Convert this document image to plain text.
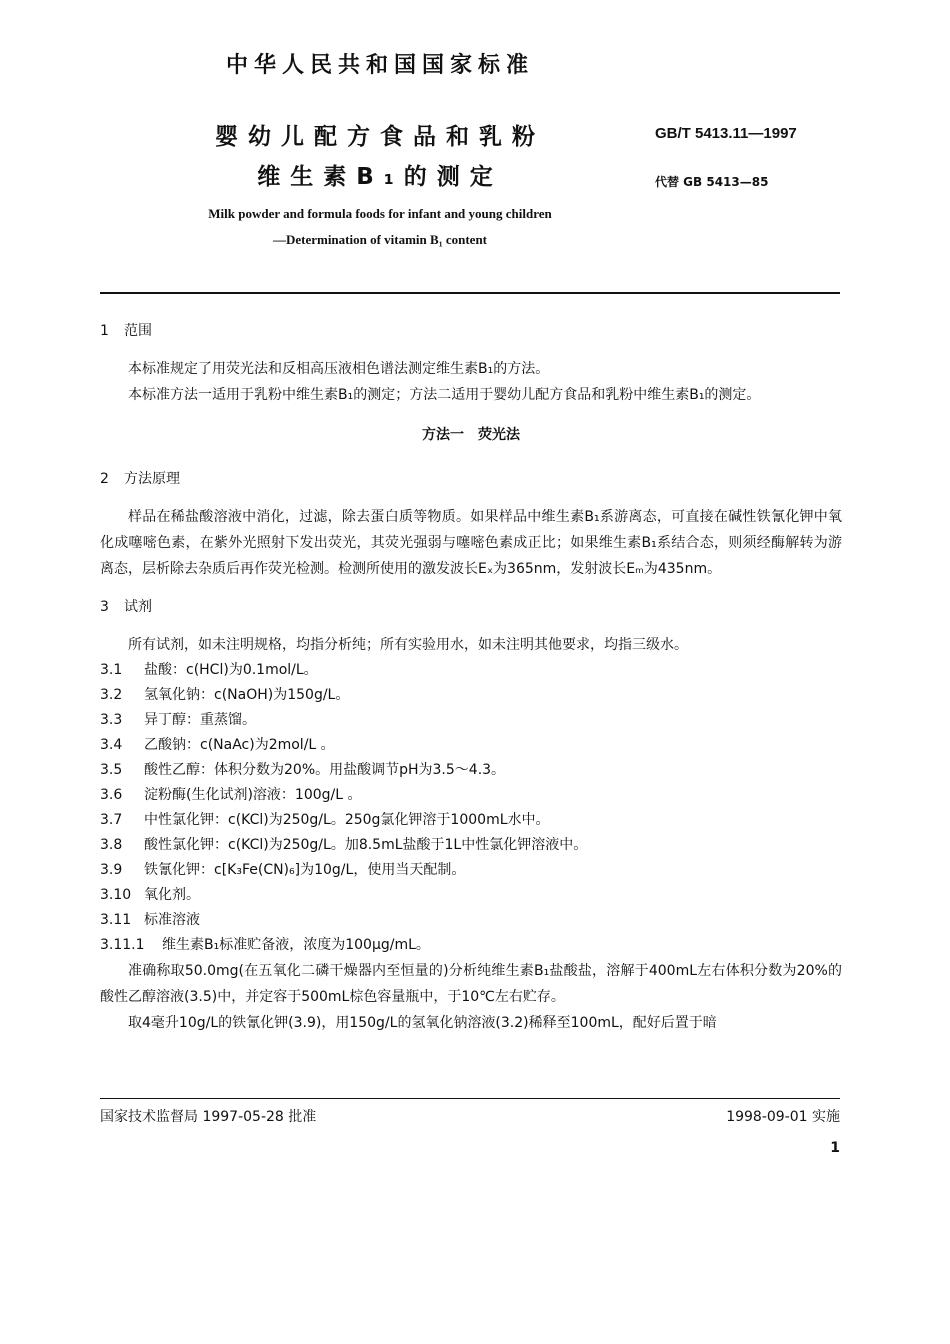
中华人民共和国国家标准
婴幼儿配方食品和乳粉
维生素B₁的测定
GB/T 5413.11—1997
代替 GB 5413—85
Milk powder and formula foods for infant and young children
—Determination of vitamin B₁ content

1 范围

本标准规定了用荧光法和反相高压液相色谱法测定维生素B₁的方法。

本标准方法一适用于乳粉中维生素B₁的测定；方法二适用于婴幼儿配方食品和乳粉中维生素B₁的测定。

方法一　荧光法

2 方法原理

样品在稀盐酸溶液中消化，过滤，除去蛋白质等物质。如果样品中维生素B₁系游离态，可直接在碱性铁氰化钾中氧化成噻嘧色素，在紫外光照射下发出荧光，其荧光强弱与噻嘧色素成正比；如果维生素B₁系结合态，则须经酶解转为游离态，层析除去杂质后再作荧光检测。检测所使用的激发波长Eₓ为365nm，发射波长Eₘ为435nm。

3 试剂

所有试剂，如未注明规格，均指分析纯；所有实验用水，如未注明其他要求，均指三级水。

3.1 盐酸：c(HCl)为0.1mol/L。

3.2 氢氧化钠：c(NaOH)为150g/L。

3.3 异丁醇：重蒸馏。

3.4 乙酸钠：c(NaAc)为2mol/L 。

3.5 酸性乙醇：体积分数为20%。用盐酸调节pH为3.5～4.3。

3.6 淀粉酶(生化试剂)溶液：100g/L 。

3.7 中性氯化钾：c(KCl)为250g/L。250g氯化钾溶于1000mL水中。

3.8 酸性氯化钾：c(KCl)为250g/L。加8.5mL盐酸于1L中性氯化钾溶液中。

3.9 铁氰化钾：c[K₃Fe(CN)₆]为10g/L，使用当天配制。

3.10 氧化剂。

3.11 标准溶液

3.11.1 维生素B₁标准贮备液，浓度为100μg/mL。

准确称取50.0mg(在五氧化二磷干燥器内至恒量的)分析纯维生素B₁盐酸盐，溶解于400mL左右体积分数为20%的酸性乙醇溶液(3.5)中，并定容于500mL棕色容量瓶中，于10℃左右贮存。

取4毫升10g/L的铁氰化钾(3.9)，用150g/L的氢氧化钠溶液(3.2)稀释至100mL，配好后置于暗

国家技术监督局 1997-05-28 批准	1998-09-01 实施
1
